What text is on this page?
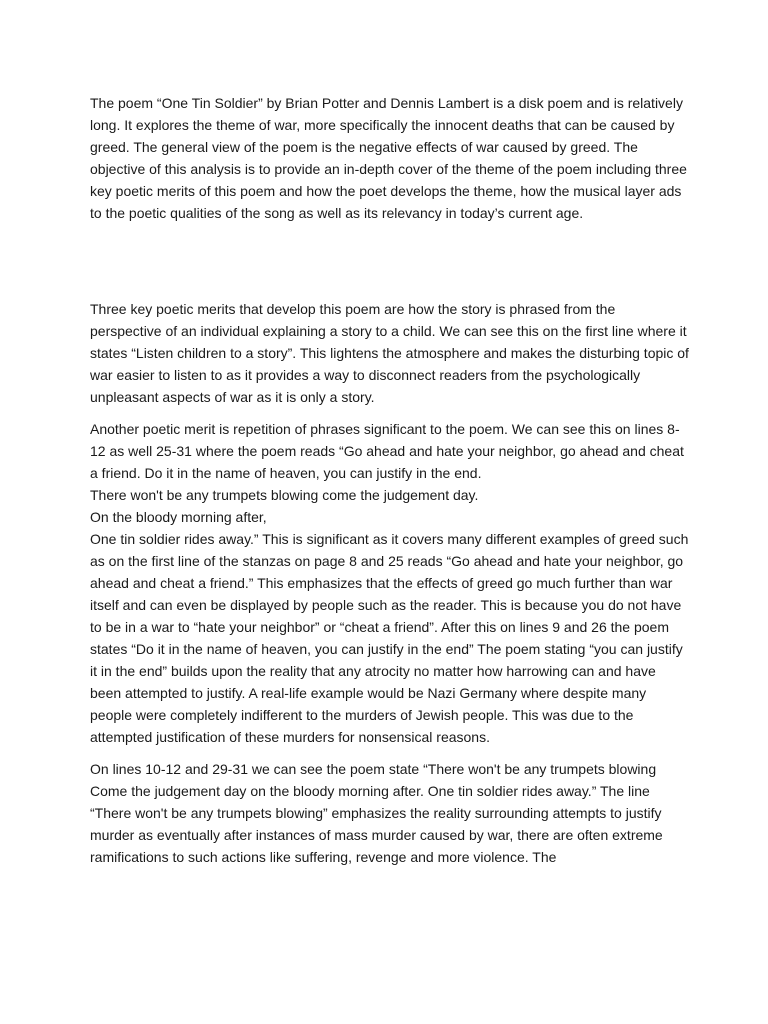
The poem “One Tin Soldier” by Brian Potter and Dennis Lambert is a disk poem and is relatively long. It explores the theme of war, more specifically the innocent deaths that can be caused by greed. The general view of the poem is the negative effects of war caused by greed. The objective of this analysis is to provide an in-depth cover of the theme of the poem including three key poetic merits of this poem and how the poet develops the theme, how the musical layer ads to the poetic qualities of the song as well as its relevancy in today’s current age.

Three key poetic merits that develop this poem are how the story is phrased from the perspective of an individual explaining a story to a child. We can see this on the first line where it states “Listen children to a story”. This lightens the atmosphere and makes the disturbing topic of war easier to listen to as it provides a way to disconnect readers from the psychologically unpleasant aspects of war as it is only a story.

Another poetic merit is repetition of phrases significant to the poem. We can see this on lines 8-12 as well 25-31 where the poem reads “Go ahead and hate your neighbor, go ahead and cheat a friend. Do it in the name of heaven, you can justify in the end.
There won't be any trumpets blowing come the judgement day.
On the bloody morning after,
One tin soldier rides away.” This is significant as it covers many different examples of greed such as on the first line of the stanzas on page 8 and 25 reads “Go ahead and hate your neighbor, go ahead and cheat a friend.” This emphasizes that the effects of greed go much further than war itself and can even be displayed by people such as the reader. This is because you do not have to be in a war to “hate your neighbor” or “cheat a friend”. After this on lines 9 and 26 the poem states “Do it in the name of heaven, you can justify in the end” The poem stating “you can justify it in the end” builds upon the reality that any atrocity no matter how harrowing can and have been attempted to justify. A real-life example would be Nazi Germany where despite many people were completely indifferent to the murders of Jewish people. This was due to the attempted justification of these murders for nonsensical reasons.

On lines 10-12 and 29-31 we can see the poem state “There won't be any trumpets blowing Come the judgement day on the bloody morning after. One tin soldier rides away.” The line “There won't be any trumpets blowing” emphasizes the reality surrounding attempts to justify murder as eventually after instances of mass murder caused by war, there are often extreme ramifications to such actions like suffering, revenge and more violence. The
